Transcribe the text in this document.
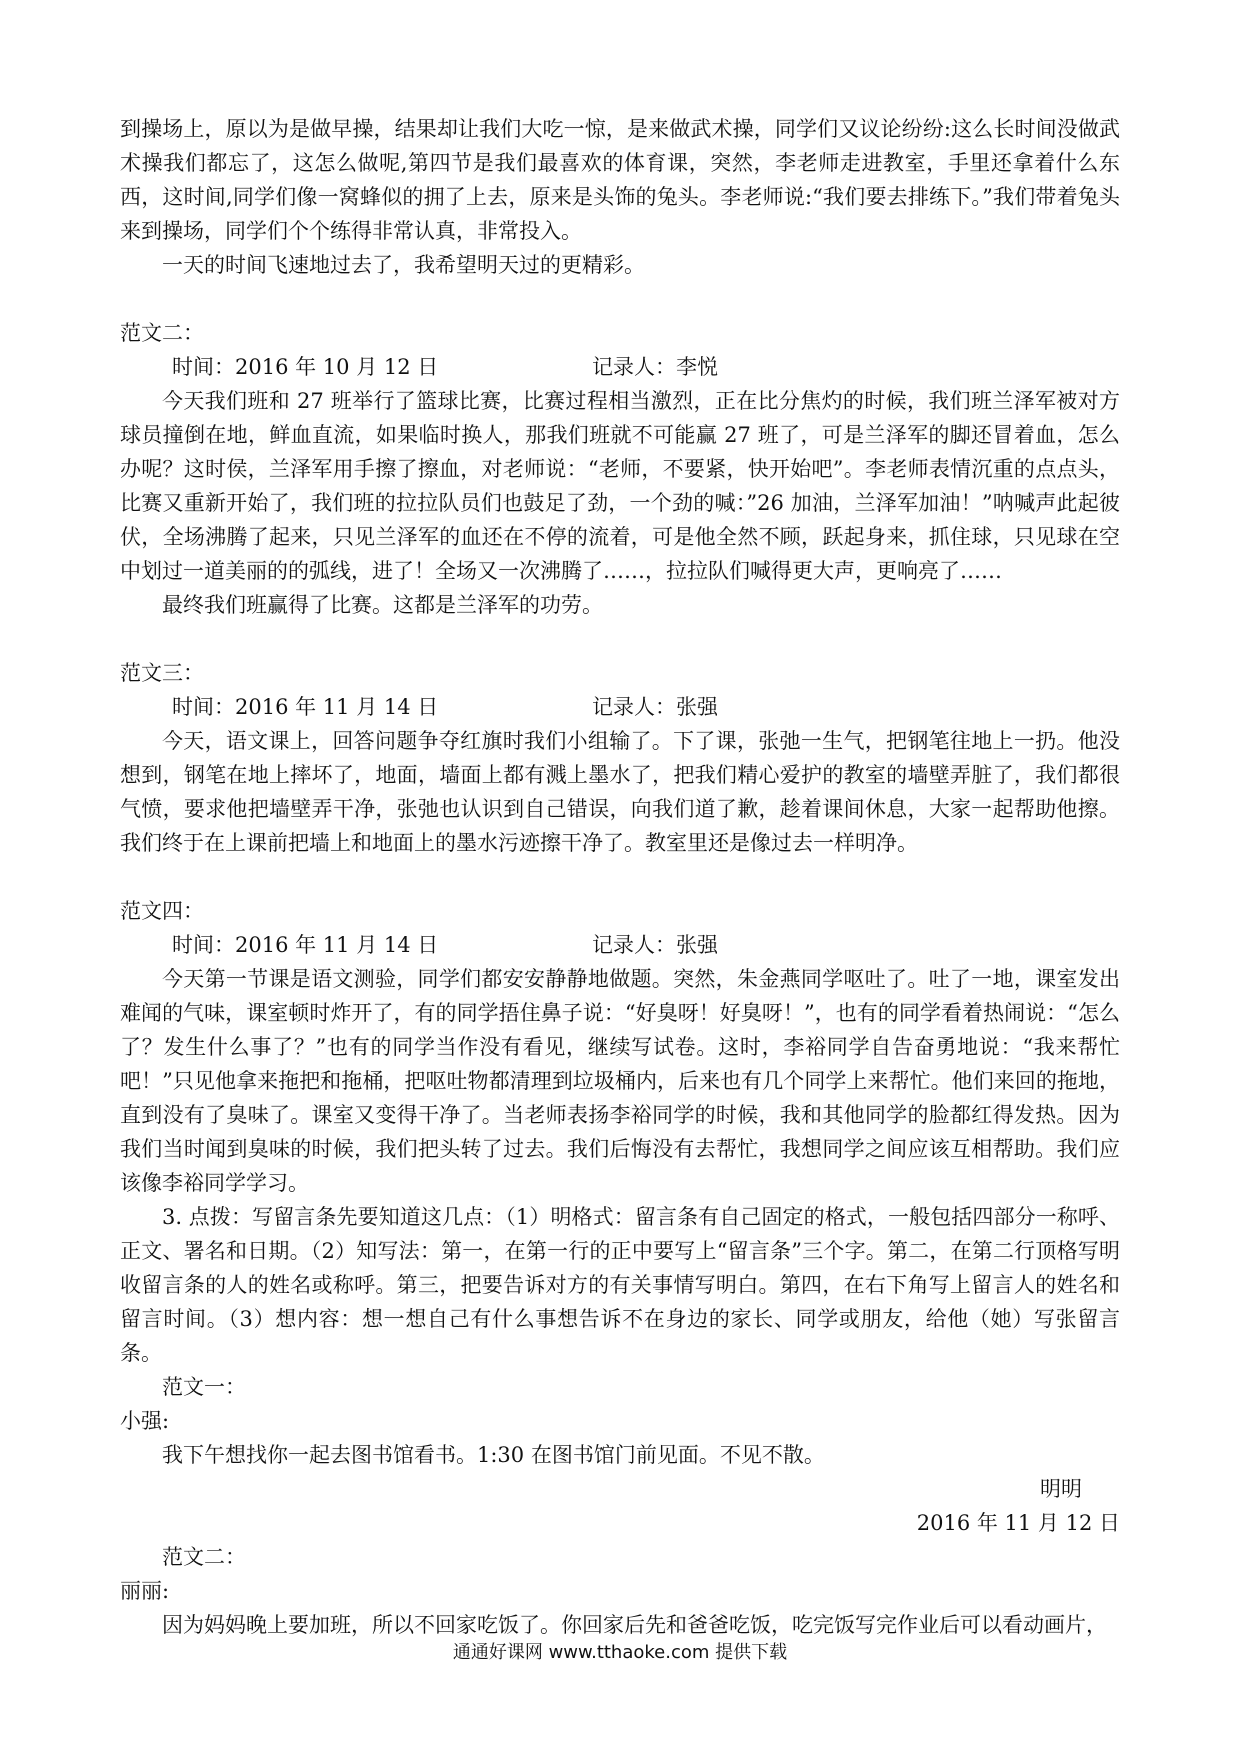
到操场上，原以为是做早操，结果却让我们大吃一惊，是来做武术操，同学们又议论纷纷:这么长时间没做武术操我们都忘了，这怎么做呢,第四节是我们最喜欢的体育课，突然，李老师走进教室，手里还拿着什么东西，这时间,同学们像一窝蜂似的拥了上去，原来是头饰的兔头。李老师说:“我们要去排练下。”我们带着兔头来到操场，同学们个个练得非常认真，非常投入。

一天的时间飞速地过去了，我希望明天过的更精彩。

范文二：

时间：2016 年 10 月 12 日	记录人：李悦

今天我们班和 27 班举行了篮球比赛，比赛过程相当激烈，正在比分焦灼的时候，我们班兰泽军被对方球员撞倒在地，鲜血直流，如果临时换人，那我们班就不可能赢 27 班了，可是兰泽军的脚还冒着血，怎么办呢？这时侯，兰泽军用手擦了擦血，对老师说：“老师，不要紧，快开始吧”。李老师表情沉重的点点头，比赛又重新开始了，我们班的拉拉队员们也鼓足了劲，一个劲的喊：”26 加油，兰泽军加油！”呐喊声此起彼伏，全场沸腾了起来，只见兰泽军的血还在不停的流着，可是他全然不顾，跃起身来，抓住球，只见球在空中划过一道美丽的的弧线，进了！全场又一次沸腾了……，拉拉队们喊得更大声，更响亮了……

最终我们班赢得了比赛。这都是兰泽军的功劳。

范文三：

时间：2016 年 11 月 14 日	记录人：张强

今天，语文课上，回答问题争夺红旗时我们小组输了。下了课，张弛一生气，把钢笔往地上一扔。他没想到，钢笔在地上摔坏了，地面，墙面上都有溅上墨水了，把我们精心爱护的教室的墙壁弄脏了，我们都很气愤，要求他把墙壁弄干净，张弛也认识到自己错误，向我们道了歉，趁着课间休息，大家一起帮助他擦。我们终于在上课前把墙上和地面上的墨水污迹擦干净了。教室里还是像过去一样明净。

范文四：

时间：2016 年 11 月 14 日	记录人：张强

今天第一节课是语文测验，同学们都安安静静地做题。突然，朱金燕同学呕吐了。吐了一地，课室发出难闻的气味，课室顿时炸开了，有的同学捂住鼻子说：“好臭呀！好臭呀！”，也有的同学看着热闹说：“怎么了？发生什么事了？”也有的同学当作没有看见，继续写试卷。这时，李裕同学自告奋勇地说：“我来帮忙吧！”只见他拿来拖把和拖桶，把呕吐物都清理到垃圾桶内，后来也有几个同学上来帮忙。他们来回的拖地，直到没有了臭味了。课室又变得干净了。当老师表扬李裕同学的时候，我和其他同学的脸都红得发热。因为我们当时闻到臭味的时候，我们把头转了过去。我们后悔没有去帮忙，我想同学之间应该互相帮助。我们应该像李裕同学学习。

3. 点拨：写留言条先要知道这几点：（1）明格式：留言条有自己固定的格式，一般包括四部分一称呼、正文、署名和日期。（2）知写法：第一，在第一行的正中要写上“留言条”三个字。第二，在第二行顶格写明收留言条的人的姓名或称呼。第三，把要告诉对方的有关事情写明白。第四，在右下角写上留言人的姓名和留言时间。（3）想内容：想一想自己有什么事想告诉不在身边的家长、同学或朋友，给他（她）写张留言条。

范文一：

小强:

我下午想找你一起去图书馆看书。1:30 在图书馆门前见面。不见不散。

明明

2016 年 11 月 12 日

范文二：

丽丽:

因为妈妈晚上要加班，所以不回家吃饭了。你回家后先和爸爸吃饭，吃完饭写完作业后可以看动画片，

通通好课网 www.tthaoke.com 提供下载
